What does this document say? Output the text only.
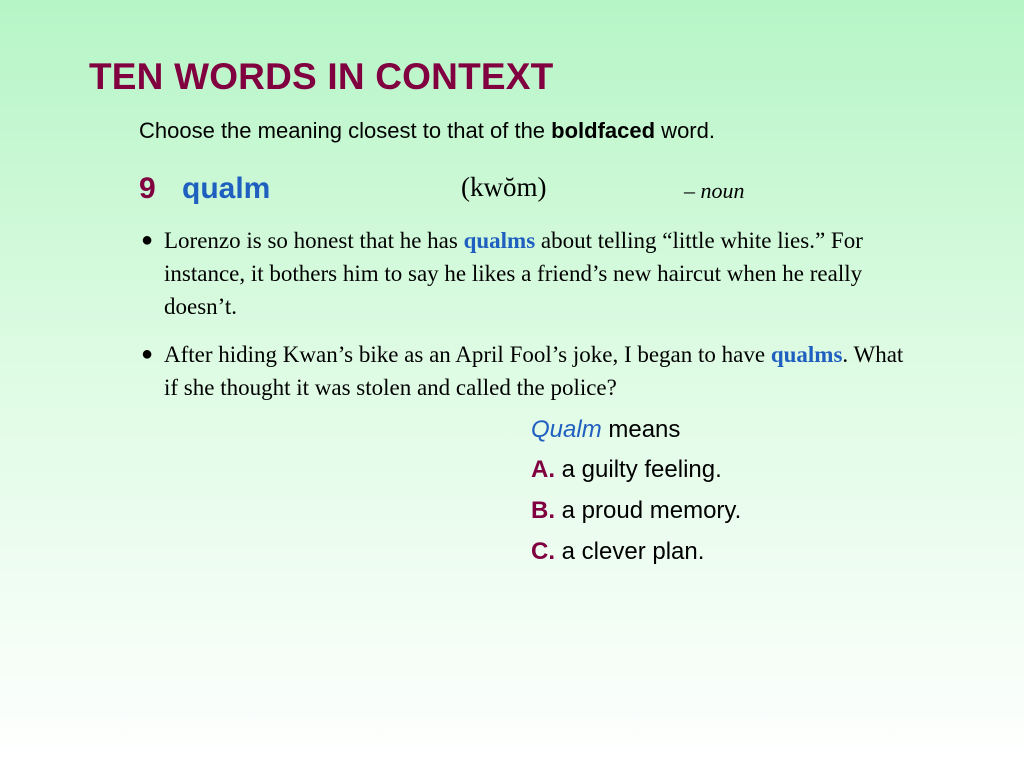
TEN WORDS IN CONTEXT
Choose the meaning closest to that of the boldfaced word.
9 qualm	(kwŏm)	– noun
● Lorenzo is so honest that he has qualms about telling “little white lies.” For instance, it bothers him to say he likes a friend’s new haircut when he really doesn’t.
● After hiding Kwan’s bike as an April Fool’s joke, I began to have qualms. What if she thought it was stolen and called the police?
Qualm means
A. a guilty feeling.
B. a proud memory.
C. a clever plan.
